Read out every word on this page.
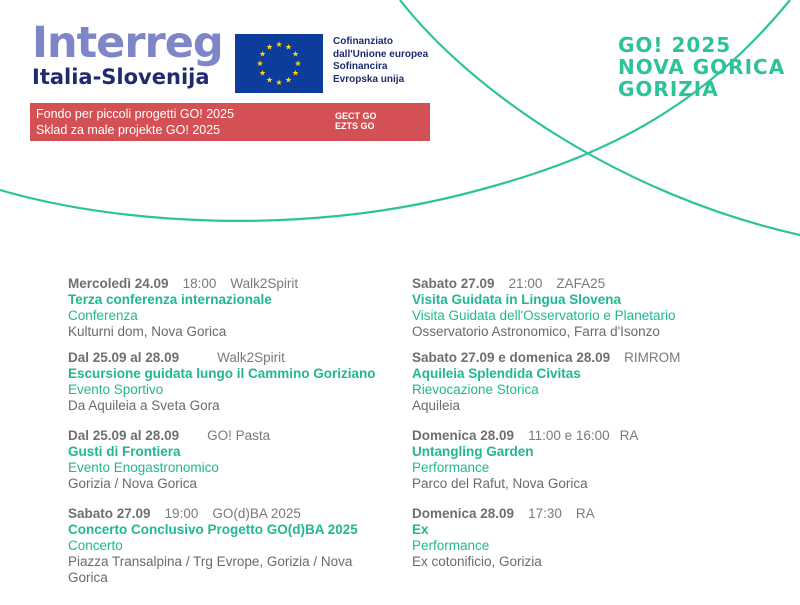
Interreg
Italia-Slovenija
Cofinanziato
dall'Unione europea
Sofinancira
Evropska unija
Fondo per piccoli progetti GO! 2025
Sklad za male projekte GO! 2025
GECT GO
EZTS GO
GO! 2025
NOVA GORICA
GORIZIA
Mercoledì 24.09 18:00 Walk2Spirit
Terza conferenza internazionale
Conferenza
Kulturni dom, Nova Gorica
Dal 25.09 al 28.09	Walk2Spirit
Escursione guidata lungo il Cammino Goriziano
Evento Sportivo
Da Aquileia a Sveta Gora
Dal 25.09 al 28.09 GO! Pasta
Gusti di Frontiera
Evento Enogastronomico
Gorizia / Nova Gorica
Sabato 27.09 19:00 GO(d)BA 2025
Concerto Conclusivo Progetto GO(d)BA 2025
Concerto
Piazza Transalpina / Trg Evrope, Gorizia / Nova Gorica
Sabato 27.09 21:00 ZAFA25
Visita Guidata in Lingua Slovena
Visita Guidata dell'Osservatorio e Planetario
Osservatorio Astronomico, Farra d'Isonzo
Sabato 27.09 e domenica 28.09 RIMROM
Aquileia Splendida Civitas
Rievocazione Storica
Aquileia
Domenica 28.09 11:00 e 16:00 RA
Untangling Garden
Performance
Parco del Rafut, Nova Gorica
Domenica 28.09 17:30 RA
Ex
Performance
Ex cotonificio, Gorizia
